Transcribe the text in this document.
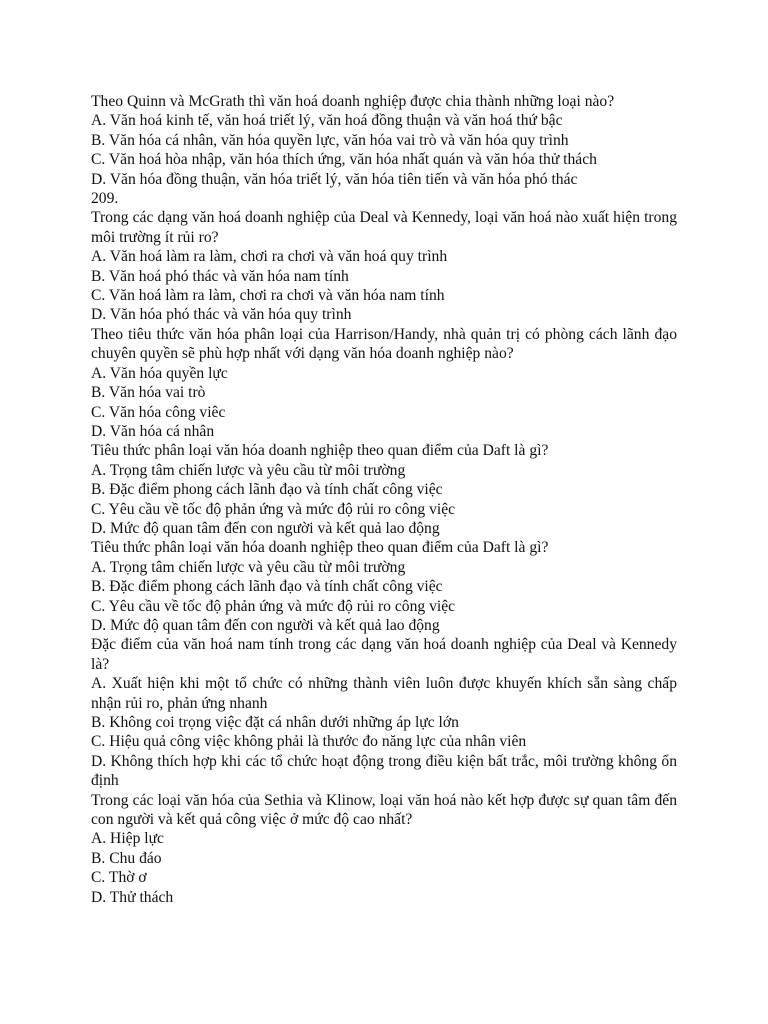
Theo Quinn và McGrath thì văn hoá doanh nghiệp được chia thành những loại nào?

A. Văn hoá kinh tế, văn hoá triết lý, văn hoá đồng thuận và văn hoá thứ bậc

B. Văn hóa cá nhân, văn hóa quyền lực, văn hóa vai trò và văn hóa quy trình

C. Văn hoá hòa nhập, văn hóa thích ứng, văn hóa nhất quán và văn hóa thử thách

D. Văn hóa đồng thuận, văn hóa triết lý, văn hóa tiên tiến và văn hóa phó thác

209.

Trong các dạng văn hoá doanh nghiệp của Deal và Kennedy, loại văn hoá nào xuất hiện trong môi trường ít rủi ro?

A. Văn hoá làm ra làm, chơi ra chơi và văn hoá quy trình

B. Văn hoá phó thác và văn hóa nam tính

C. Văn hoá làm ra làm, chơi ra chơi và văn hóa nam tính

D. Văn hóa phó thác và văn hóa quy trình

Theo tiêu thức văn hóa phân loại của Harrison/Handy, nhà quản trị có phòng cách lãnh đạo chuyên quyền sẽ phù hợp nhất với dạng văn hóa doanh nghiệp nào?

A. Văn hóa quyền lực

B. Văn hóa vai trò

C. Văn hóa công viêc

D. Văn hóa cá nhân

Tiêu thức phân loại văn hóa doanh nghiệp theo quan điểm của Daft là gì?

A. Trọng tâm chiến lược và yêu cầu từ môi trường

B. Đặc điểm phong cách lãnh đạo và tính chất công việc

C. Yêu cầu về tốc độ phản ứng và mức độ rủi ro công việc

D. Mức độ quan tâm đến con người và kết quả lao động

Tiêu thức phân loại văn hóa doanh nghiệp theo quan điểm của Daft là gì?

A. Trọng tâm chiến lược và yêu cầu từ môi trường

B. Đặc điểm phong cách lãnh đạo và tính chất công việc

C. Yêu cầu về tốc độ phản ứng và mức độ rủi ro công việc

D. Mức độ quan tâm đến con người và kết quả lao động

Đặc điểm của văn hoá nam tính trong các dạng văn hoá doanh nghiệp của Deal và Kennedy là?

A. Xuất hiện khi một tổ chức có những thành viên luôn được khuyến khích sẵn sàng chấp nhận rủi ro, phản ứng nhanh

B. Không coi trọng việc đặt cá nhân dưới những áp lực lớn

C. Hiệu quả công việc không phải là thước đo năng lực của nhân viên

D. Không thích hợp khi các tổ chức hoạt động trong điều kiện bất trắc, môi trường không ổn định

Trong các loại văn hóa của Sethia và Klinow, loại văn hoá nào kết hợp được sự quan tâm đến con người và kết quả công việc ở mức độ cao nhất?

A. Hiệp lực

B. Chu đáo

C. Thờ ơ

D. Thử thách
